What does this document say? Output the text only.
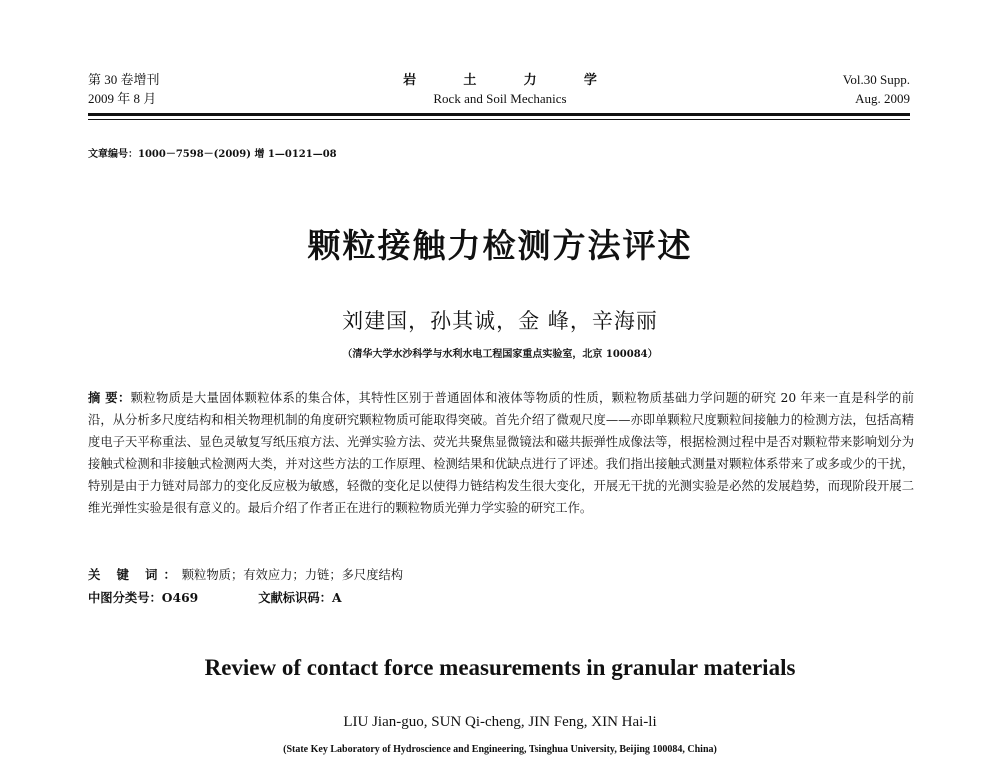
第 30 卷增刊
2009 年 8 月
岩 土 力 学
Rock and Soil Mechanics
Vol.30 Supp.
Aug. 2009
文章编号：1000－7598－(2009) 增 1—0121—08
颗粒接触力检测方法评述
刘建国，孙其诚，金 峰，辛海丽
（清华大学水沙科学与水利水电工程国家重点实验室，北京 100084）
摘 要：颗粒物质是大量固体颗粒体系的集合体，其特性区别于普通固体和液体等物质的性质，颗粒物质基础力学问题的研究 20 年来一直是科学的前沿，从分析多尺度结构和相关物理机制的角度研究颗粒物质可能取得突破。首先介绍了微观尺度——亦即单颗粒尺度颗粒间接触力的检测方法，包括高精度电子天平称重法、显色灵敏复写纸压痕方法、光弹实验方法、荧光共聚焦显微镜法和磁共振弹性成像法等，根据检测过程中是否对颗粒带来影响划分为接触式检测和非接触式检测两大类，并对这些方法的工作原理、检测结果和优缺点进行了评述。我们指出接触式测量对颗粒体系带来了或多或少的干扰，特别是由于力链对局部力的变化反应极为敏感，轻微的变化足以使得力链结构发生很大变化，开展无干扰的光测实验是必然的发展趋势，而现阶段开展二维光弹性实验是很有意义的。最后介绍了作者正在进行的颗粒物质光弹力学实验的研究工作。
关 键 词：颗粒物质；有效应力；力链；多尺度结构
中图分类号：O469	文献标识码：A
Review of contact force measurements in granular materials
LIU Jian-guo, SUN Qi-cheng, JIN Feng, XIN Hai-li
(State Key Laboratory of Hydroscience and Engineering, Tsinghua University, Beijing 100084, China)
